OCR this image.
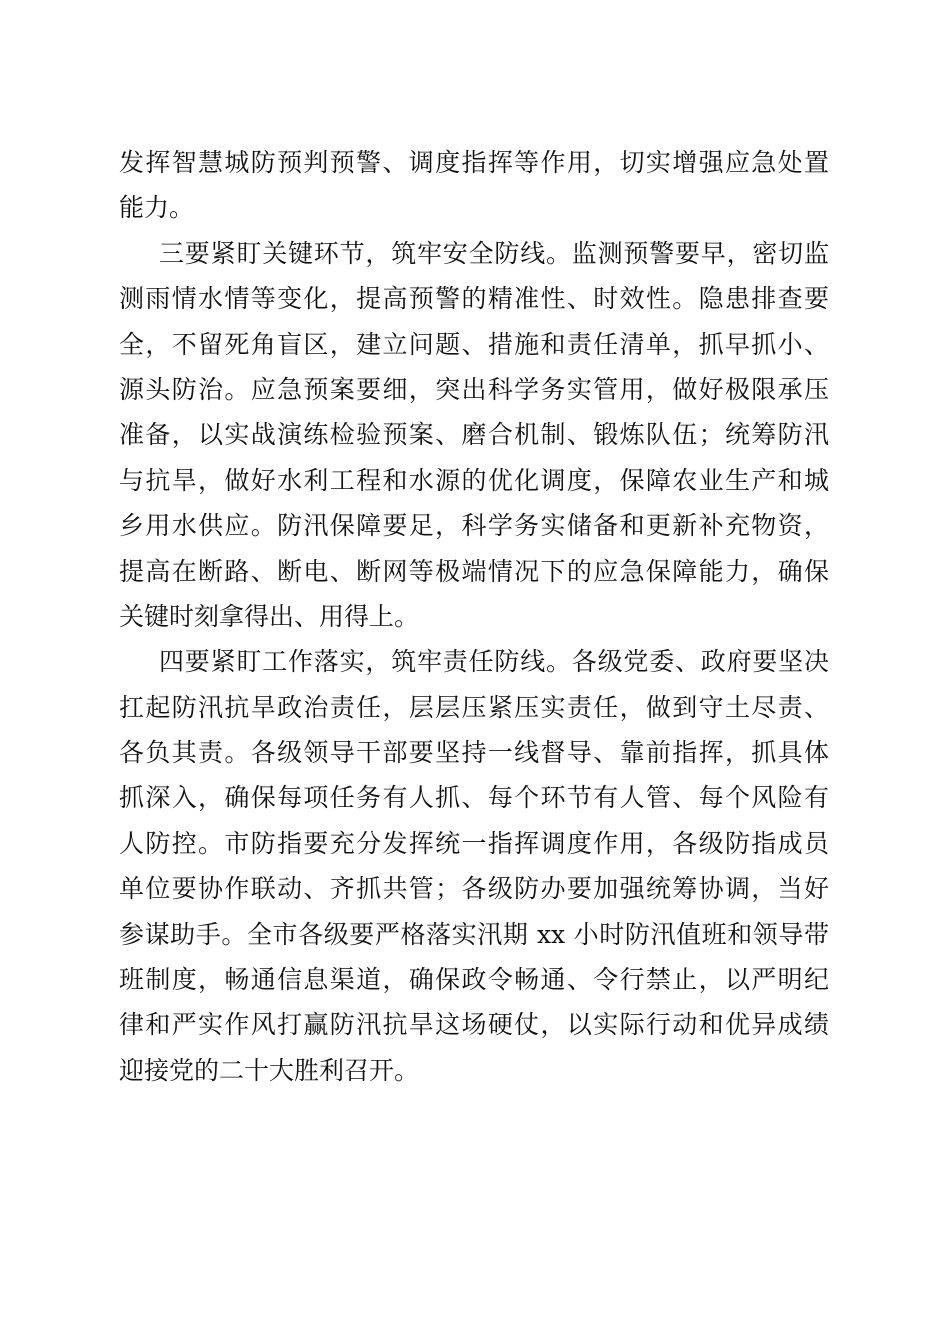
发挥智慧城防预判预警、调度指挥等作用，切实增强应急处置
能力。
三要紧盯关键环节，筑牢安全防线。监测预警要早，密切监
测雨情水情等变化，提高预警的精准性、时效性。隐患排查要
全，不留死角盲区，建立问题、措施和责任清单，抓早抓小、
源头防治。应急预案要细，突出科学务实管用，做好极限承压
准备，以实战演练检验预案、磨合机制、锻炼队伍；统筹防汛
与抗旱，做好水利工程和水源的优化调度，保障农业生产和城
乡用水供应。防汛保障要足，科学务实储备和更新补充物资，
提高在断路、断电、断网等极端情况下的应急保障能力，确保
关键时刻拿得出、用得上。
四要紧盯工作落实，筑牢责任防线。各级党委、政府要坚决
扛起防汛抗旱政治责任，层层压紧压实责任，做到守土尽责、
各负其责。各级领导干部要坚持一线督导、靠前指挥，抓具体
抓深入，确保每项任务有人抓、每个环节有人管、每个风险有
人防控。市防指要充分发挥统一指挥调度作用，各级防指成员
单位要协作联动、齐抓共管；各级防办要加强统筹协调，当好
参谋助手。全市各级要严格落实汛期 xx 小时防汛值班和领导带
班制度，畅通信息渠道，确保政令畅通、令行禁止，以严明纪
律和严实作风打赢防汛抗旱这场硬仗，以实际行动和优异成绩
迎接党的二十大胜利召开。
